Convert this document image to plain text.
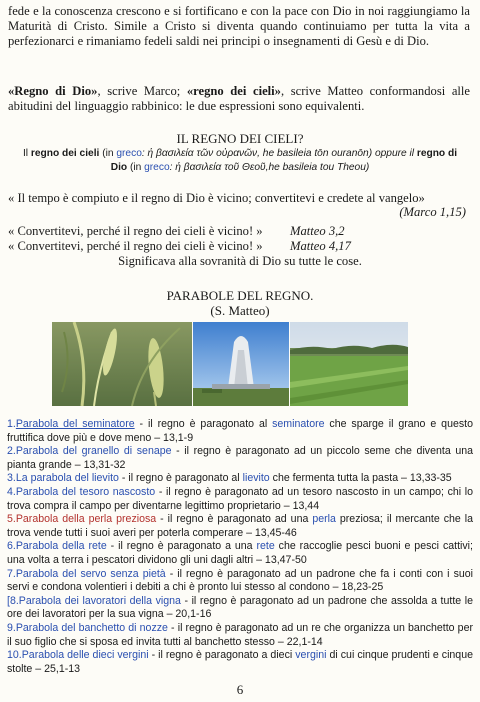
fede e la conoscenza crescono e si fortificano e con la pace con Dio in noi raggiungiamo la Maturità di Cristo. Simile a Cristo si diventa quando continuiamo per tutta la vita a perfezionarci e rimaniamo fedeli saldi nei principi o insegnamenti di Gesù e di Dio.
«Regno di Dio», scrive Marco; «regno dei cieli», scrive Matteo conformandosi alle abitudini del linguaggio rabbinico: le due espressioni sono equivalenti.
IL REGNO DEI CIELI?
Il regno dei cieli (in greco: ἡ βασιλεία τῶν οὐρανῶν, he basileia tōn ouranōn) oppure il regno di Dio (in greco: ἡ βασιλεία τοῦ Θεοῦ,he basileia tou Theou)
« Il tempo è compiuto e il regno di Dio è vicino; convertitevi e credete al vangelo»
(Marco 1,15)
« Convertitevi, perché il regno dei cieli è vicino! » Matteo 3,2
« Convertitevi, perché il regno dei cieli è vicino! » Matteo 4,17
Significava alla sovranità di Dio su tutte le cose.
PARABOLE DEL REGNO.
(S. Matteo)

1.Parabola del seminatore - il regno è paragonato al seminatore che sparge il grano e questo fruttifica dove più e dove meno – 13,1-9

2.Parabola del granello di senape - il regno è paragonato ad un piccolo seme che diventa una pianta grande – 13,31-32

3.La parabola del lievito - il regno è paragonato al lievito che fermenta tutta la pasta – 13,33-35

4.Parabola del tesoro nascosto - il regno è paragonato ad un tesoro nascosto in un campo; chi lo trova compra il campo per diventarne legittimo proprietario – 13,44

5.Parabola della perla preziosa - il regno è paragonato ad una perla preziosa; il mercante che la trova vende tutti i suoi averi per poterla comperare – 13,45-46

6.Parabola della rete - il regno è paragonato a una rete che raccoglie pesci buoni e pesci cattivi; una volta a terra i pescatori dividono gli uni dagli altri – 13,47-50

7.Parabola del servo senza pietà - il regno è paragonato ad un padrone che fa i conti con i suoi servi e condona volentieri i debiti a chi è pronto lui stesso al condono – 18,23-25

[8.Parabola dei lavoratori della vigna - il regno è paragonato ad un padrone che assolda a tutte le ore dei lavoratori per la sua vigna – 20,1-16

9.Parabola del banchetto di nozze - il regno è paragonato ad un re che organizza un banchetto per il suo figlio che si sposa ed invita tutti al banchetto stesso – 22,1-14

10.Parabola delle dieci vergini - il regno è paragonato a dieci vergini di cui cinque prudenti e cinque stolte – 25,1-13

6
